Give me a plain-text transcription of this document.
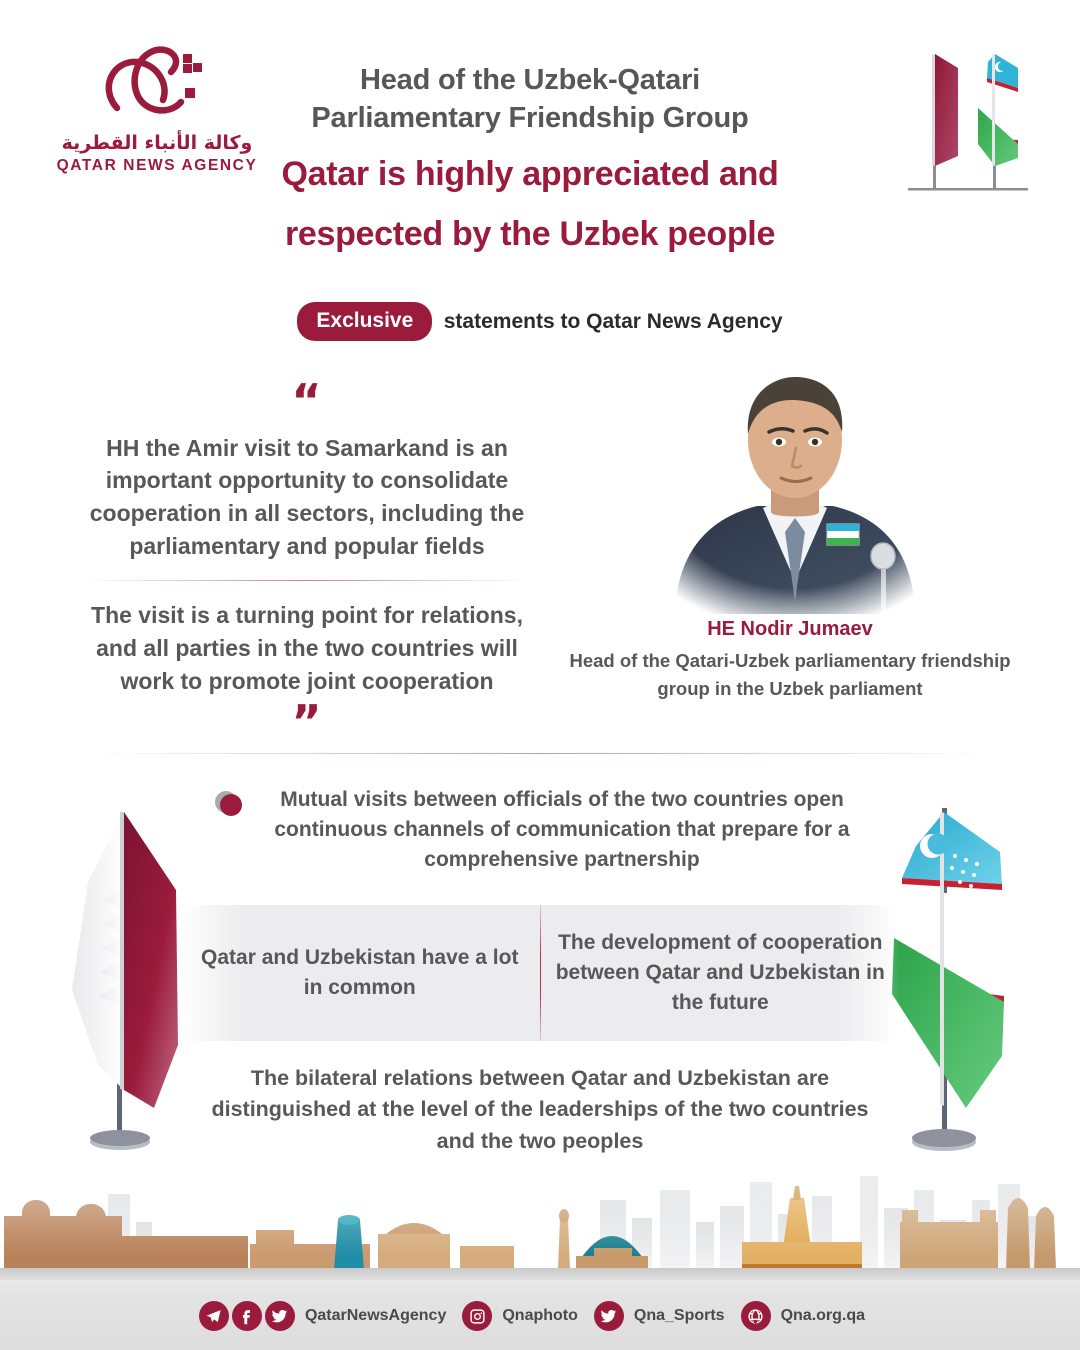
وكالة الأنباء القطرية
QATAR NEWS AGENCY
Head of the Uzbek-Qatari
Parliamentary Friendship Group
Qatar is highly appreciated and
respected by the Uzbek people
Exclusive statements to Qatar News Agency
“
HH the Amir visit to Samarkand is an important opportunity to consolidate cooperation in all sectors, including the parliamentary and popular fields
The visit is a turning point for relations, and all parties in the two countries will work to promote joint cooperation
”
HE Nodir Jumaev
Head of the Qatari-Uzbek parliamentary friendship group in the Uzbek parliament
Mutual visits between officials of the two countries open continuous channels of communication that prepare for a comprehensive partnership
Qatar and Uzbekistan have a lot in common
The development of cooperation between Qatar and Uzbekistan in the future
The bilateral relations between Qatar and Uzbekistan are distinguished at the level of the leaderships of the two countries and the two peoples
QatarNewsAgency	Qnaphoto	Qna_Sports	Qna.org.qa
